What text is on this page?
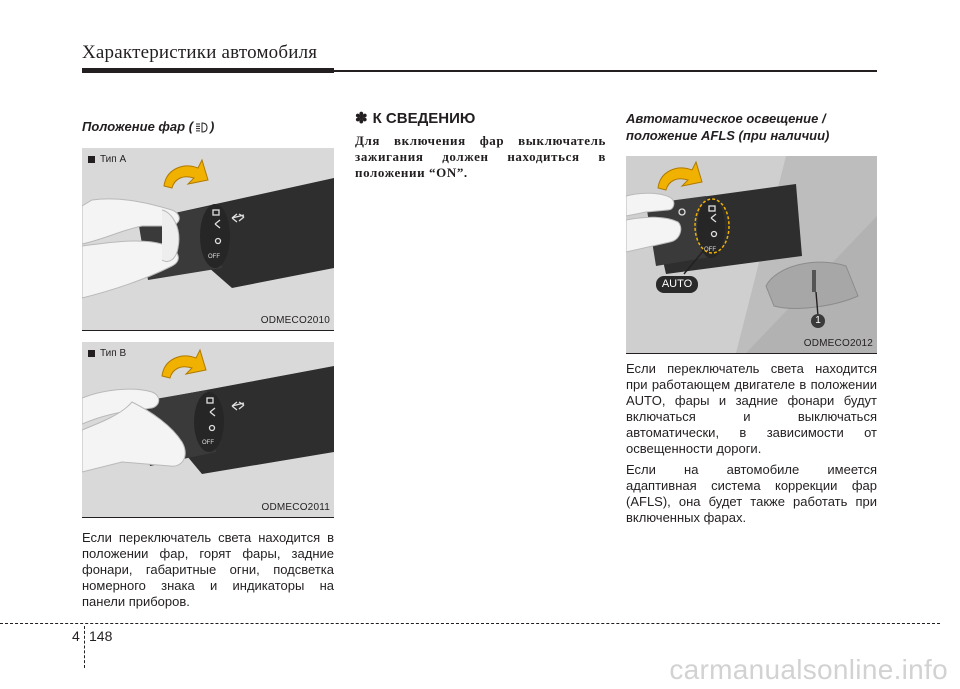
Характеристики автомобиля
Положение фар ( )
Тип A
OFF
ODMECO2010
Тип B
OFF
ODMECO2011

Если переключатель света находится в положении фар, горят фары, задние фонари, габаритные огни, подсветка номерного знака и индикаторы на панели приборов.

✽ К СВЕДЕНИЮ

Для включения фар выключатель зажигания должен находиться в положении “ON”.

Автоматическое освещение /
положение AFLS (при наличии)
OFF
AUTO
1
ODMECO2012

Если переключатель света находится при работающем двигателе в положении AUTO, фары и задние фонари будут включаться и выключаться автоматически, в зависимости от освещенности дороги.

Если на автомобиле имеется адаптивная система коррекции фар (AFLS), она будет также работать при включенных фарах.

4 148
carmanualsonline.info
